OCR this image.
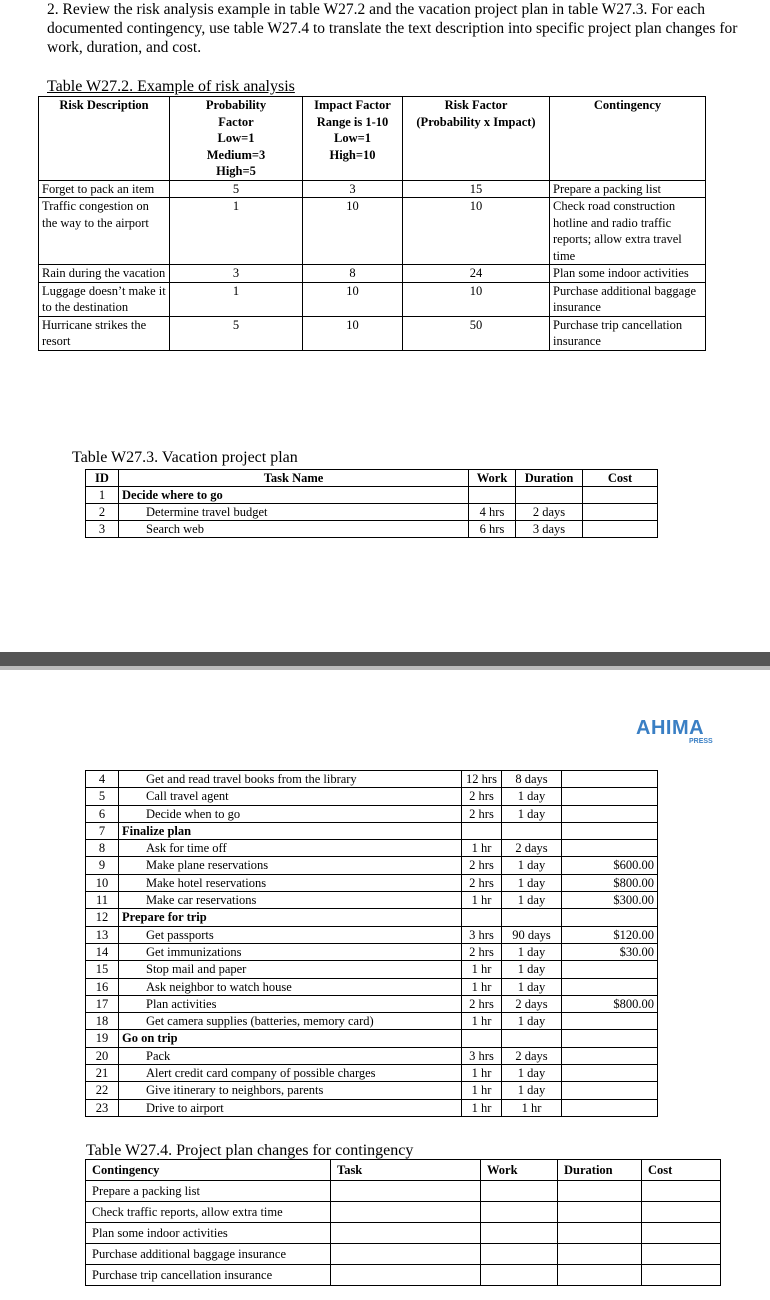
2. Review the risk analysis example in table W27.2 and the vacation project plan in table W27.3. For each documented contingency, use table W27.4 to translate the text description into specific project plan changes for work, duration, and cost.

Table W27.2. Example of risk analysis
Risk Description	Probability
Factor
Low=1
Medium=3
High=5	Impact Factor
Range is 1-10
Low=1
High=10	Risk Factor
(Probability x Impact)	Contingency
Forget to pack an item	5	3	15	Prepare a packing list
Traffic congestion on the way to the airport	1	10	10	Check road construction hotline and radio traffic reports; allow extra travel time
Rain during the vacation	3	8	24	Plan some indoor activities
Luggage doesn’t make it to the destination	1	10	10	Purchase additional baggage insurance
Hurricane strikes the resort	5	10	50	Purchase trip cancellation insurance
Table W27.3. Vacation project plan
ID	Task Name	Work	Duration	Cost
1	Decide where to go			
2	Determine travel budget	4 hrs	2 days	
3	Search web	6 hrs	3 days	
AHIMA
PRESS
4	Get and read travel books from the library	12 hrs	8 days	
5	Call travel agent	2 hrs	1 day	
6	Decide when to go	2 hrs	1 day	
7	Finalize plan			
8	Ask for time off	1 hr	2 days	
9	Make plane reservations	2 hrs	1 day	$600.00
10	Make hotel reservations	2 hrs	1 day	$800.00
11	Make car reservations	1 hr	1 day	$300.00
12	Prepare for trip			
13	Get passports	3 hrs	90 days	$120.00
14	Get immunizations	2 hrs	1 day	$30.00
15	Stop mail and paper	1 hr	1 day	
16	Ask neighbor to watch house	1 hr	1 day	
17	Plan activities	2 hrs	2 days	$800.00
18	Get camera supplies (batteries, memory card)	1 hr	1 day	
19	Go on trip			
20	Pack	3 hrs	2 days	
21	Alert credit card company of possible charges	1 hr	1 day	
22	Give itinerary to neighbors, parents	1 hr	1 day	
23	Drive to airport	1 hr	1 hr	
Table W27.4. Project plan changes for contingency
Contingency	Task	Work	Duration	Cost
Prepare a packing list				
Check traffic reports, allow extra time				
Plan some indoor activities				
Purchase additional baggage insurance				
Purchase trip cancellation insurance				
